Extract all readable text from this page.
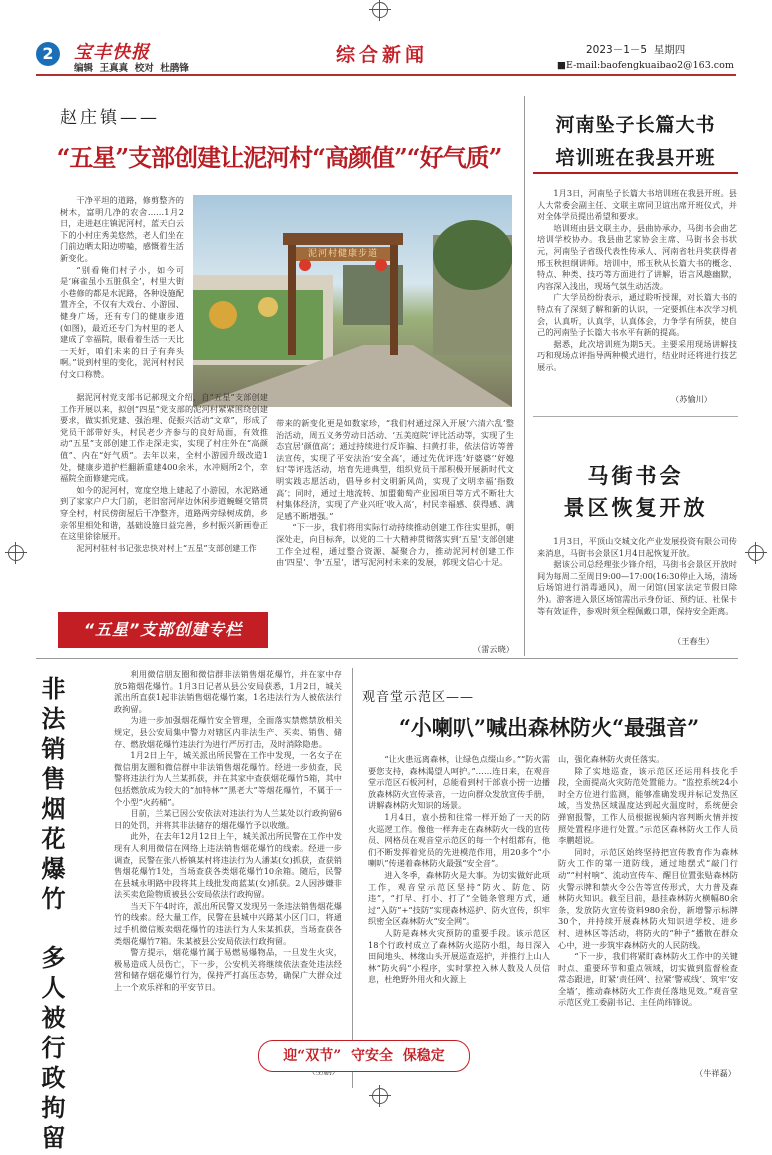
2	宝丰快报
编辑  王真真  校对  杜鹃锋
综合新闻	2023－1－5  星期四
■E-mail:baofengkuaibao2@163.com
赵庄镇——
“五星”支部创建让泥河村“高颜值”“好气质”
泥河村健康步道

干净平坦的道路，修剪整齐的树木，富明几净的农舍……1月2日，走进赵庄镇泥河村，蓝天白云下的小村庄秀美悠然，老人们坐在门前边晒太阳边唠嗑，感慨着生活新变化。

“别看俺们村子小，如今可是‘麻雀虽小五脏俱全’，村里大街小巷修的都是水泥路，各种设施配置齐全，不仅有大戏台、小游园、健身广场，还有专门的健康步道(如图)，最近还专门为村里的老人建成了幸福院，眼看着生活一天比一天好，咱们未来的日子有奔头啊。”说到村里的变化，泥河村村民付文口称赞。

据泥河村党支部书记郝现文介绍，自“五星”支部创建工作开展以来，拟创“四星”党支部的泥河村紧紧围绕创建要求，做实抓党建、强治理、促振兴活动“文章”，形成了党员干部带好头，村民老少齐参与的良好局面，有效推动“五星”支部创建工作走深走实，实现了村庄外在“高颜值”、内在“好气质”。去年以来，全村小游园升级改造1处，健康步道护栏翻新重建400余米，水冲厕所2个，幸福院全面修建完成。

如今的泥河村，宽度空地上建起了小游园，水泥路通到了家家户户大门前，老旧窑河岸边休闲步道蜿蜒交错贯穿全村，村民傍街屋后干净整齐，道路两旁绿树成荫，乡亲邻里相处和谐，基础设施日益完善，乡村振兴新画卷正在这里徐徐展开。

泥河村驻村书记张忠快对村上“五星”支部创建工作

带来的新变化更是如数家珍，“我们村通过深入开展‘六清六乱’整治活动，周五义务劳动日活动、‘五美庭院’评比活动等，实现了生态宜居‘颜值高’；通过持续进行反诈骗、扫黄打非，依法信访等普法宣传，实现了平安法治‘安全高’，通过先优评选‘好婆婆’‘好媳妇’等评选活动，培育先进典型，组织党员干部积极开展新时代文明实践志愿活动，倡导乡村文明新风尚，实现了文明幸福‘指数高’；同时，通过土地流转、加盟葡萄产业园项目等方式不断壮大村集体经济，实现了产业兴旺‘收入高’，村民幸福感、获得感、满足感不断增强。”

“下一步，我们将用实际行动持续推动创建工作往实里抓，朝深处走，向目标奔，以党的二十大精神贯彻落实到‘五星’支部创建工作全过程，通过整合资源、凝聚合力，推动泥河村创建工作由‘四星’、争‘五星’，谱写泥河村未来的发展，郭现文信心十足。

（雷云晓）
“五星”支部创建专栏
河南坠子长篇大书
培训班在我县开班

1月3日，河南坠子长篇大书培训班在我县开班。县人大常委会副主任、文联主席同卫谊出席开班仪式，并对全体学员提出希望和要求。

培训班由县文联主办，县曲协承办，马街书会曲艺培训学校协办。我县曲艺家协会主席、马街书会书状元，河南坠子省级代表性传承人、河南省牡丹奖获得者邢玉秋担纲讲师。培训中，邢玉秋从长篇大书的概念、特点、种类、技巧等方面进行了讲解，语言风趣幽默，内容深入浅出，现场气氛生动活泼。

广大学员纷纷表示，通过聆听授课，对长篇大书的特点有了深刻了解和新的认识，一定要抓住本次学习机会，认真听，认真学，认真体会，力争学有所获，使自己的河南坠子长篇大书水平有新的提高。

据悉，此次培训班为期5天。主要采用现场讲解技巧和现场点评指导两种模式进行，结业时还将进行技艺展示。

（苏愉川）
马街书会
景区恢复开放

1月3日，平顶山交城文化产业发展投资有限公司传来消息，马街书会景区1月4日起恢复开放。

据该公司总经理张少锋介绍，马街书会景区开放时间为每周二至周日9:00—17:00(16:30停止入场，清场后场馆进行消毒通风)，周一闭馆(国家法定节假日除外)。游客进入景区场馆需出示身份证、预约证、社保卡等有效证件，参观时须全程佩戴口罩，保持安全距离。

（王春生）
非法销售烟花爆竹  多人被行政拘留

利用微信朋友圈和微信群非法销售烟花爆竹，并在家中存放5箱烟花爆竹。1月3日记者从县公安局获悉，1月2日，城关派出所直获1起非法销售烟花爆竹案，1名违法行为人被依法行政拘留。

为进一步加强烟花爆竹安全管理，全面落实禁燃禁放相关规定，县公安局集中警力对辖区内非法生产、买卖、销售、储存、燃放烟花爆竹违法行为进行严厉打击，及时消除隐患。

1月2日上午，城关派出所民警在工作中发现，一名女子在微信朋友圈和微信群中非法销售烟花爆竹。经进一步侦查，民警将违法行为人兰某抓获，并在其家中查获烟花爆竹5箱，其中包括燃放成为较大的“加特林”“黑老大”等烟花爆竹，不属于一个小型“火药桶”。

目前，兰某已因公安依法对违法行为人兰某处以行政拘留6日的处罚，并将其非法储存的烟花爆竹予以收缴。

此外，在去年12月12日上午，城关派出所民警在工作中发现有人利用微信在网络上违法销售烟花爆竹的线索。经进一步调查，民警在张八桥镇某村将违法行为人潘某(女)抓获，查获销售烟花爆竹1处，当场查获各类烟花爆竹10余箱。随后，民警在县城永明路中段将其上线批发商蓝某(女)抓获。2人因涉嫌非法买卖危险物质被县公安局依法行政拘留。

当天下午4时许，派出所民警又发现另一条违法销售烟花爆竹的线索。经大量工作，民警在县城中兴路某小区门口，将通过手机微信贩卖烟花爆竹的违法行为人朱某抓获，当场查获各类烟花爆竹7箱。朱某被县公安局依法行政拘留。

警方提示，烟花爆竹属于易燃易爆物品，一旦发生火灾，极易造成人员伤亡，下一步，公安机关将继续依法查处违法经营和储存烟花爆竹行为，保持严打高压态势，确保广大群众过上一个欢乐祥和的平安节日。

观音堂示范区——
“小喇叭”喊出森林防火“最强音”

“让火患远离森林，让绿色点缀山乡。”“防火需要您支持，森林渴望人呵护。”……连日来，在观音堂示范区石板河村，总能看到村干部袁小捞一边播放森林防火宣传录音，一边向群众发放宣传手册，讲解森林防火知识的场景。

1月4日，袁小捞和往常一样开始了一天的防火巡逻工作。像他一样奔走在森林防火一线的宣传员、网格员在观音堂示范区的每一个村组都有，他们不断发挥着党员的先进模范作用，用20多个“小喇叭”传递着森林防火最强“安全音”。

进入冬季，森林防火是大事。为切实做好此项工作，观音堂示范区坚持“防火、防危、防违”，“打早、打小、打了”全链条管理方式，通过“入防”+“技防”实现森林巡护、防火宣传，织牢织密全区森林防火“安全网”。

人防是森林火灾预防的重要手段。该示范区18个行政村成立了森林防火巡防小组，每日深入田间地头、林缘山头开展巡查巡护，并推行上山人林“防火码”小程序，实时掌控入林人数及人员信息，杜绝野外用火和火源上

山，强化森林防火责任落实。

除了实地巡查，该示范区还运用科技化手段，全面提高火灾防范处置能力。“监控系统24小时全方位进行监测，能够准确发现并标记发热区域，当发热区域温度达到起火温度时，系统便会弹窗报警，工作人员根据视频内容判断火情并按照处置程序进行处置。”示范区森林防火工作人员李鹏超说。

同时，示范区始终坚持把宣传教育作为森林防火工作的第一道防线，通过地摆式“敲门行动”“村村响”、流动宣传车、醒目位置张贴森林防火警示牌和禁火令公告等宣传形式，大力普及森林防火知识。截至目前，悬挂森林防火横幅80余条，发放防火宣传资料980余份，新增警示标牌30个，并持续开展森林防火知识进学校、进乡村、进林区等活动，将防火的“种子”播散在群众心中，进一步筑牢森林防火的人民防线。

“下一步，我们将紧盯森林防火工作中的关键时点、重要环节和重点领域，切实做到监督检查常态跟进，盯紧‘责任网’、拉紧‘警戒线’、筑牢‘安全墙’，推动森林防火工作责任落地见效。”观音堂示范区党工委副书记、主任尚纬锋说。

（牛祥磊）
迎“双节”  守安全  保稳定
